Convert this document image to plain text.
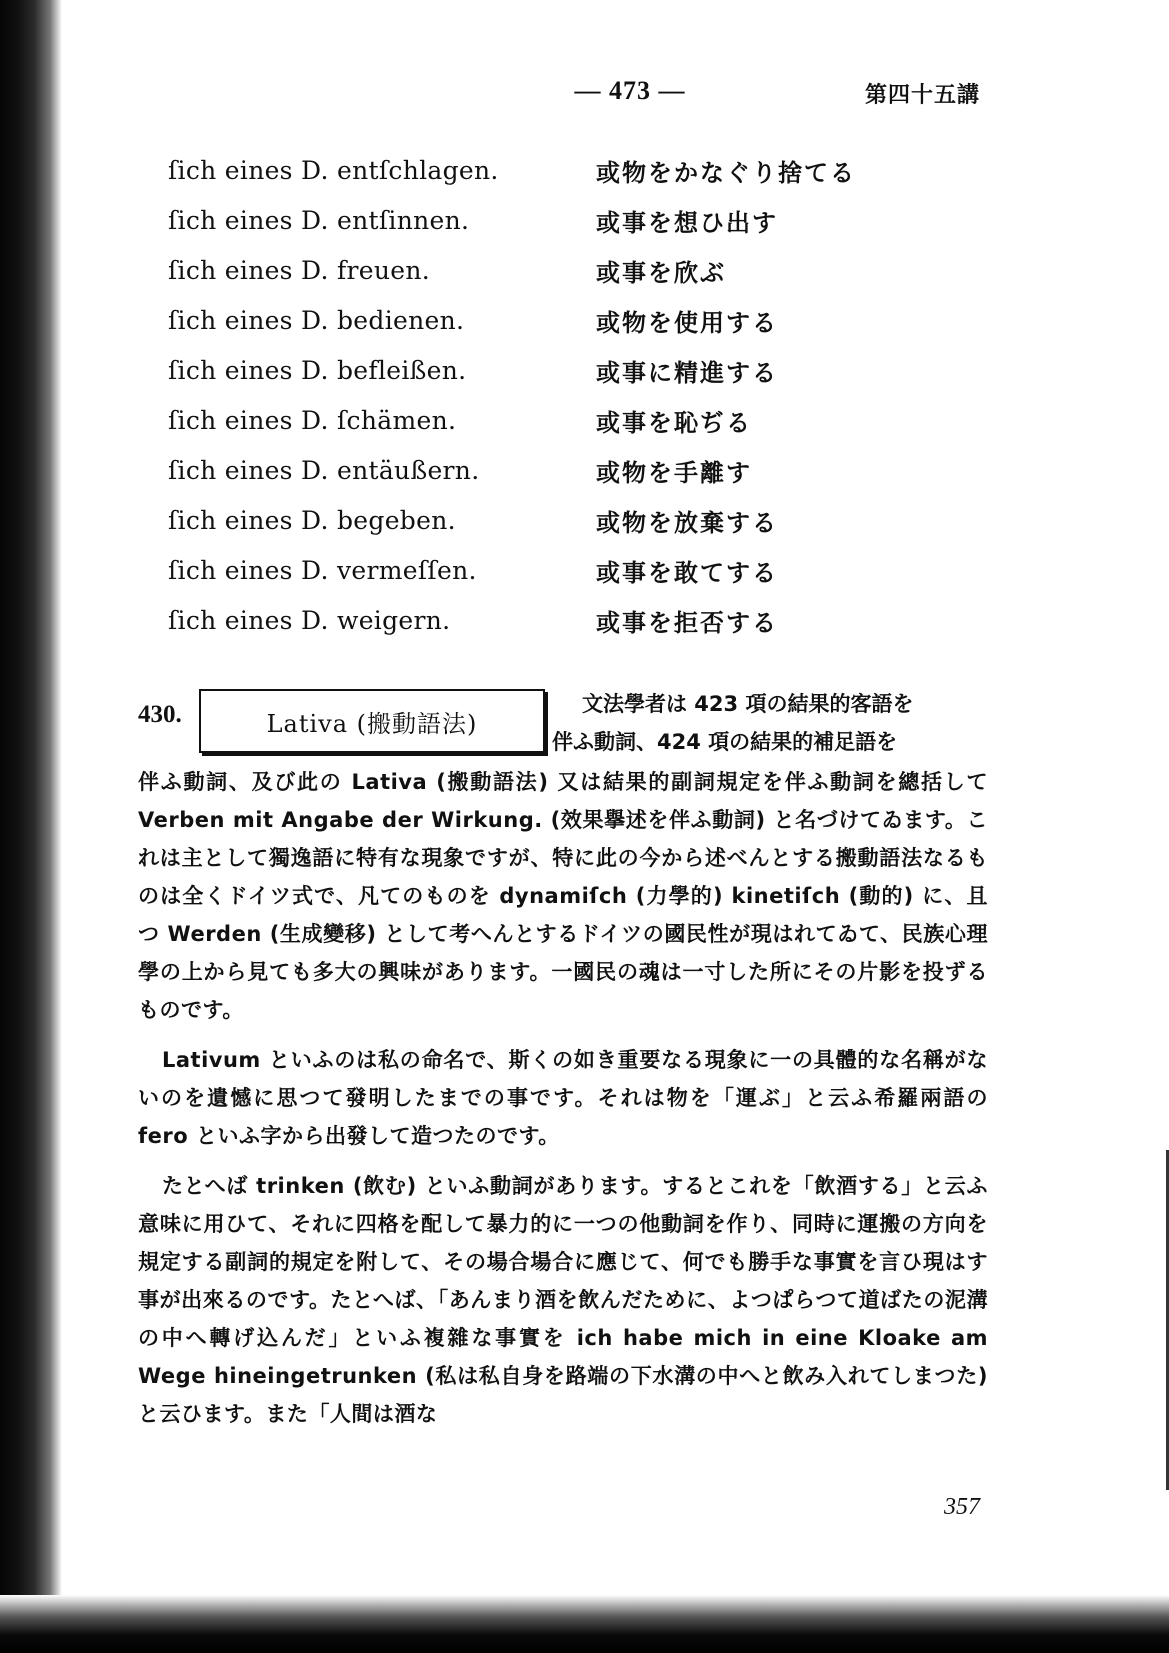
— 473 —	第四十五講
ſich eines D. entſchlagen.	或物をかなぐり捨てる
ſich eines D. entſinnen.	或事を想ひ出す
ſich eines D. freuen.	或事を欣ぶ
ſich eines D. bedienen.	或物を使用する
ſich eines D. befleißen.	或事に精進する
ſich eines D. ſchämen.	或事を恥ぢる
ſich eines D. entäußern.	或物を手離す
ſich eines D. begeben.	或物を放棄する
ſich eines D. vermeſſen.	或事を敢てする
ſich eines D. weigern.	或事を拒否する
430.	Lativa (搬動語法)
文法學者は 423 項の結果的客語を
伴ふ動詞、424 項の結果的補足語を

伴ふ動詞、及び此の Lativa (搬動語法) 又は結果的副詞規定を伴ふ動詞を總括して Verben mit Angabe der Wirkung. (效果擧述を伴ふ動詞) と名づけてゐます。これは主として獨逸語に特有な現象ですが、特に此の今から述べんとする搬動語法なるものは全くドイツ式で、凡てのものを dynamiſch (力學的) kinetiſch (動的) に、且つ Werden (生成變移) として考へんとするドイツの國民性が現はれてゐて、民族心理學の上から見ても多大の興味があります。一國民の魂は一寸した所にその片影を投ずるものです。

Lativum といふのは私の命名で、斯くの如き重要なる現象に一の具體的な名稱がないのを遺憾に思つて發明したまでの事です。それは物を「運ぶ」と云ふ希羅兩語の fero といふ字から出發して造つたのです。

たとへば trinken (飲む) といふ動詞があります。するとこれを「飲酒する」と云ふ意味に用ひて、それに四格を配して暴力的に一つの他動詞を作り、同時に運搬の方向を規定する副詞的規定を附して、その場合場合に應じて、何でも勝手な事實を言ひ現はす事が出來るのです。たとへば、「あんまり酒を飲んだために、よつぱらつて道ばたの泥溝の中へ轉げ込んだ」といふ複雜な事實を ich habe mich in eine Kloake am Wege hineingetrunken (私は私自身を路端の下水溝の中へと飲み入れてしまつた) と云ひます。また「人間は酒な

357
